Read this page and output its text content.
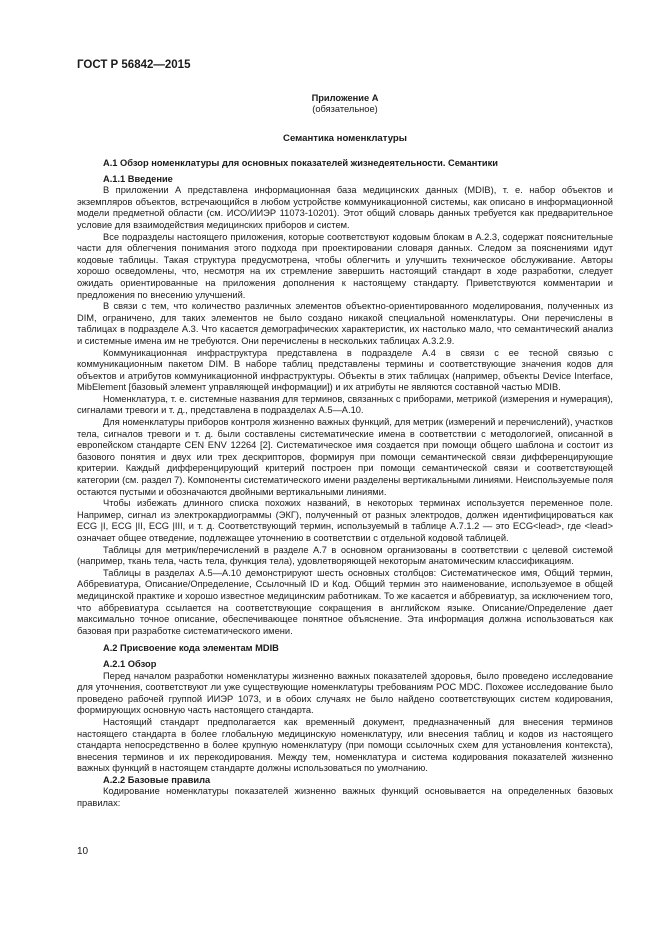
ГОСТ Р 56842—2015
Приложение А
(обязательное)
Семантика номенклатуры
A.1 Обзор номенклатуры для основных показателей жизнедеятельности. Семантики
A.1.1 Введение

В приложении А представлена информационная база медицинских данных (MDIB), т. е. набор объектов и экземпляров объектов, встречающийся в любом устройстве коммуникационной системы, как описано в информационной модели предметной области (см. ИСО/ИИЭР 11073-10201). Этот общий словарь данных требуется как предварительное условие для взаимодействия медицинских приборов и систем.

Все подразделы настоящего приложения, которые соответствуют кодовым блокам в A.2.3, содержат пояснительные части для облегчения понимания этого подхода при проектировании словаря данных. Следом за пояснениями идут кодовые таблицы. Такая структура предусмотрена, чтобы облегчить и улучшить техническое обслуживание. Авторы хорошо осведомлены, что, несмотря на их стремление завершить настоящий стандарт в ходе разработки, следует ожидать ориентированные на приложения дополнения к настоящему стандарту. Приветствуются комментарии и предложения по внесению улучшений.

В связи с тем, что количество различных элементов объектно-ориентированного моделирования, полученных из DIM, ограничено, для таких элементов не было создано никакой специальной номенклатуры. Они перечислены в таблицах в подразделе А.3. Что касается демографических характеристик, их настолько мало, что семантический анализ и системные имена им не требуются. Они перечислены в нескольких таблицах A.3.2.9.

Коммуникационная инфраструктура представлена в подразделе А.4 в связи с ее тесной связью с коммуникационным пакетом DIM. В наборе таблиц представлены термины и соответствующие значения кодов для объектов и атрибутов коммуникационной инфраструктуры. Объекты в этих таблицах (например, объекты Device Interface, MibElement [базовый элемент управляющей информации]) и их атрибуты не являются составной частью MDIB.

Номенклатура, т. е. системные названия для терминов, связанных с приборами, метрикой (измерения и нумерация), сигналами тревоги и т. д., представлена в подразделах А.5—А.10.

Для номенклатуры приборов контроля жизненно важных функций, для метрик (измерений и перечислений), участков тела, сигналов тревоги и т. д. были составлены систематические имена в соответствии с методологией, описанной в европейском стандарте CEN ENV 12264 [2]. Систематическое имя создается при помощи общего шаблона и состоит из базового понятия и двух или трех дескрипторов, формируя при помощи семантической связи дифференцирующие критерии. Каждый дифференцирующий критерий построен при помощи семантической связи и соответствующей категории (см. раздел 7). Компоненты систематического имени разделены вертикальными линиями. Неиспользуемые поля остаются пустыми и обозначаются двойными вертикальными линиями.

Чтобы избежать длинного списка похожих названий, в некоторых терминах используется переменное поле. Например, сигнал из электрокардиограммы (ЭКГ), полученный от разных электродов, должен идентифицироваться как ECG |I, ECG |II, ECG |III, и т. д. Соответствующий термин, используемый в таблице A.7.1.2 — это ECG<lead>, где <lead> означает общее отведение, подлежащее уточнению в соответствии с отдельной кодовой таблицей.

Таблицы для метрик/перечислений в разделе A.7 в основном организованы в соответствии с целевой системой (например, ткань тела, часть тела, функция тела), удовлетворяющей некоторым анатомическим классификациям.

Таблицы в разделах A.5—A.10 демонстрируют шесть основных столбцов: Систематическое имя, Общий термин, Аббревиатура, Описание/Определение, Ссылочный ID и Код. Общий термин это наименование, используемое в общей медицинской практике и хорошо известное медицинским работникам. То же касается и аббревиатур, за исключением того, что аббревиатура ссылается на соответствующие сокращения в английском языке. Описание/Определение дает максимально точное описание, обеспечивающее понятное объяснение. Эта информация должна использоваться как базовая при разработке систематического имени.

A.2 Присвоение кода элементам MDIB
A.2.1 Обзор

Перед началом разработки номенклатуры жизненно важных показателей здоровья, было проведено исследование для уточнения, соответствуют ли уже существующие номенклатуры требованиям POC MDC. Похожее исследование было проведено рабочей группой ИИЭР 1073, и в обоих случаях не было найдено соответствующих систем кодирования, формирующих основную часть настоящего стандарта.

Настоящий стандарт предполагается как временный документ, предназначенный для внесения терминов настоящего стандарта в более глобальную медицинскую номенклатуру, или внесения таблиц и кодов из настоящего стандарта непосредственно в более крупную номенклатуру (при помощи ссылочных схем для установления контекста), внесения терминов и их перекодирования. Между тем, номенклатура и система кодирования показателей жизненно важных функций в настоящем стандарте должны использоваться по умолчанию.

A.2.2 Базовые правила

Кодирование номенклатуры показателей жизненно важных функций основывается на определенных базовых правилах:

10
